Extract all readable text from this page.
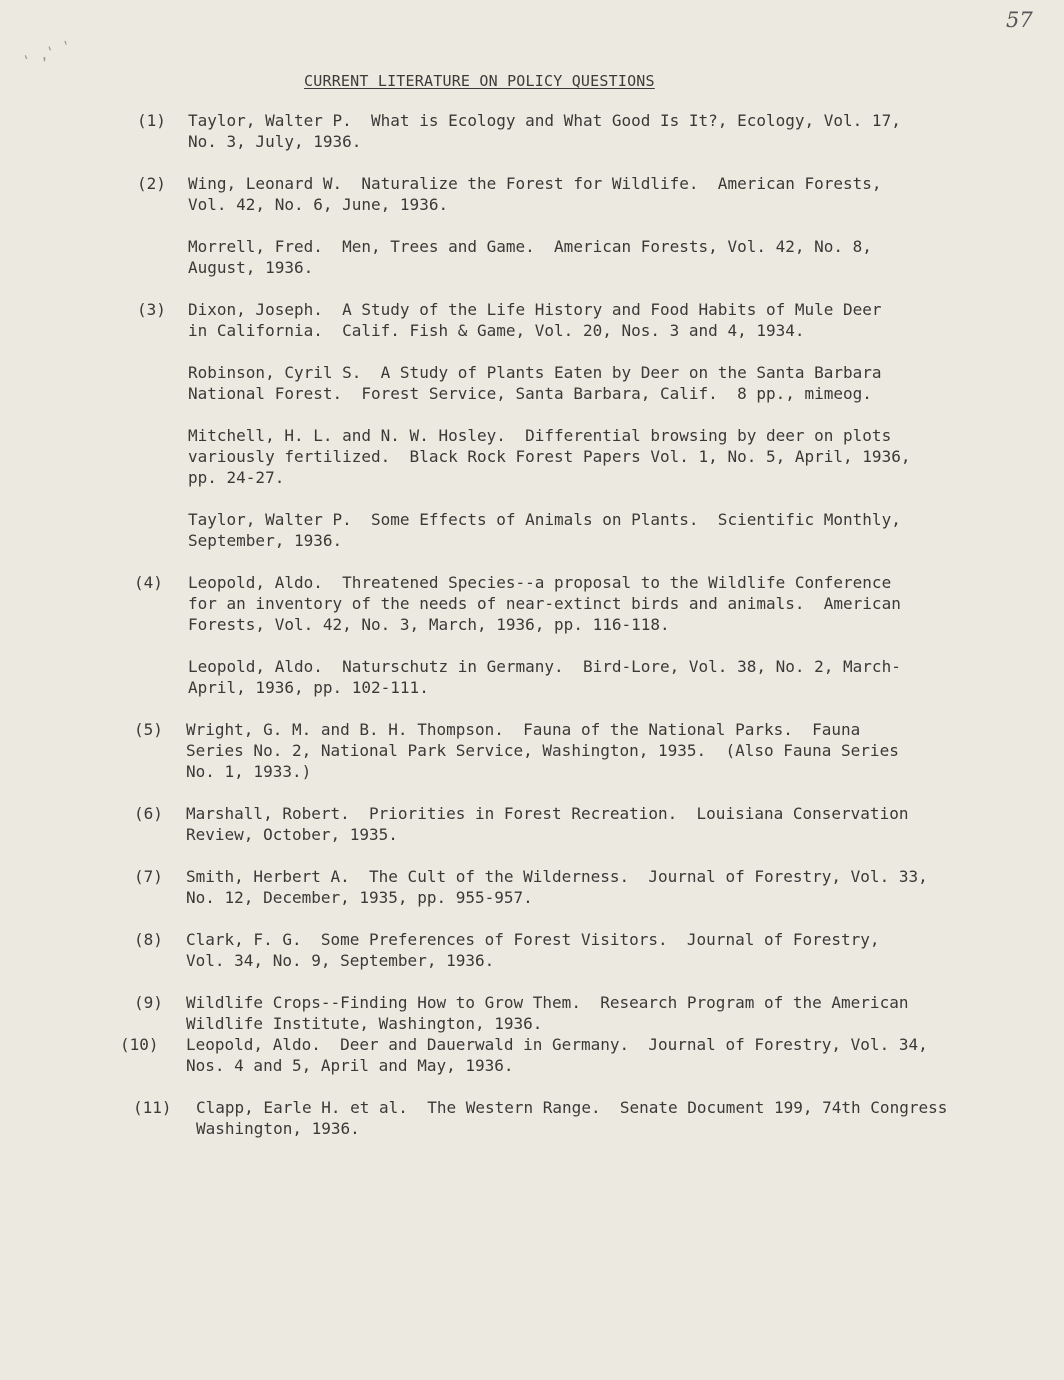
' ,' '
57
CURRENT LITERATURE ON POLICY QUESTIONS
(1)	Taylor, Walter P.  What is Ecology and What Good Is It?, Ecology, Vol. 17,
No. 3, July, 1936.
(2)	Wing, Leonard W.  Naturalize the Forest for Wildlife.  American Forests,
Vol. 42, No. 6, June, 1936.
Morrell, Fred.  Men, Trees and Game.  American Forests, Vol. 42, No. 8,
August, 1936.
(3)	Dixon, Joseph.  A Study of the Life History and Food Habits of Mule Deer
in California.  Calif. Fish & Game, Vol. 20, Nos. 3 and 4, 1934.
Robinson, Cyril S.  A Study of Plants Eaten by Deer on the Santa Barbara
National Forest.  Forest Service, Santa Barbara, Calif.  8 pp., mimeog.
Mitchell, H. L. and N. W. Hosley.  Differential browsing by deer on plots
variously fertilized.  Black Rock Forest Papers Vol. 1, No. 5, April, 1936,
pp. 24-27.
Taylor, Walter P.  Some Effects of Animals on Plants.  Scientific Monthly,
September, 1936.
(4)	Leopold, Aldo.  Threatened Species--a proposal to the Wildlife Conference
for an inventory of the needs of near-extinct birds and animals.  American
Forests, Vol. 42, No. 3, March, 1936, pp. 116-118.
Leopold, Aldo.  Naturschutz in Germany.  Bird-Lore, Vol. 38, No. 2, March-
April, 1936, pp. 102-111.
(5)	Wright, G. M. and B. H. Thompson.  Fauna of the National Parks.  Fauna
Series No. 2, National Park Service, Washington, 1935.  (Also Fauna Series
No. 1, 1933.)
(6)	Marshall, Robert.  Priorities in Forest Recreation.  Louisiana Conservation
Review, October, 1935.
(7)	Smith, Herbert A.  The Cult of the Wilderness.  Journal of Forestry, Vol. 33,
No. 12, December, 1935, pp. 955-957.
(8)	Clark, F. G.  Some Preferences of Forest Visitors.  Journal of Forestry,
Vol. 34, No. 9, September, 1936.
(9)	Wildlife Crops--Finding How to Grow Them.  Research Program of the American
Wildlife Institute, Washington, 1936.
(10)	Leopold, Aldo.  Deer and Dauerwald in Germany.  Journal of Forestry, Vol. 34,
Nos. 4 and 5, April and May, 1936.
(11)	Clapp, Earle H. et al.  The Western Range.  Senate Document 199, 74th Congress
Washington, 1936.
